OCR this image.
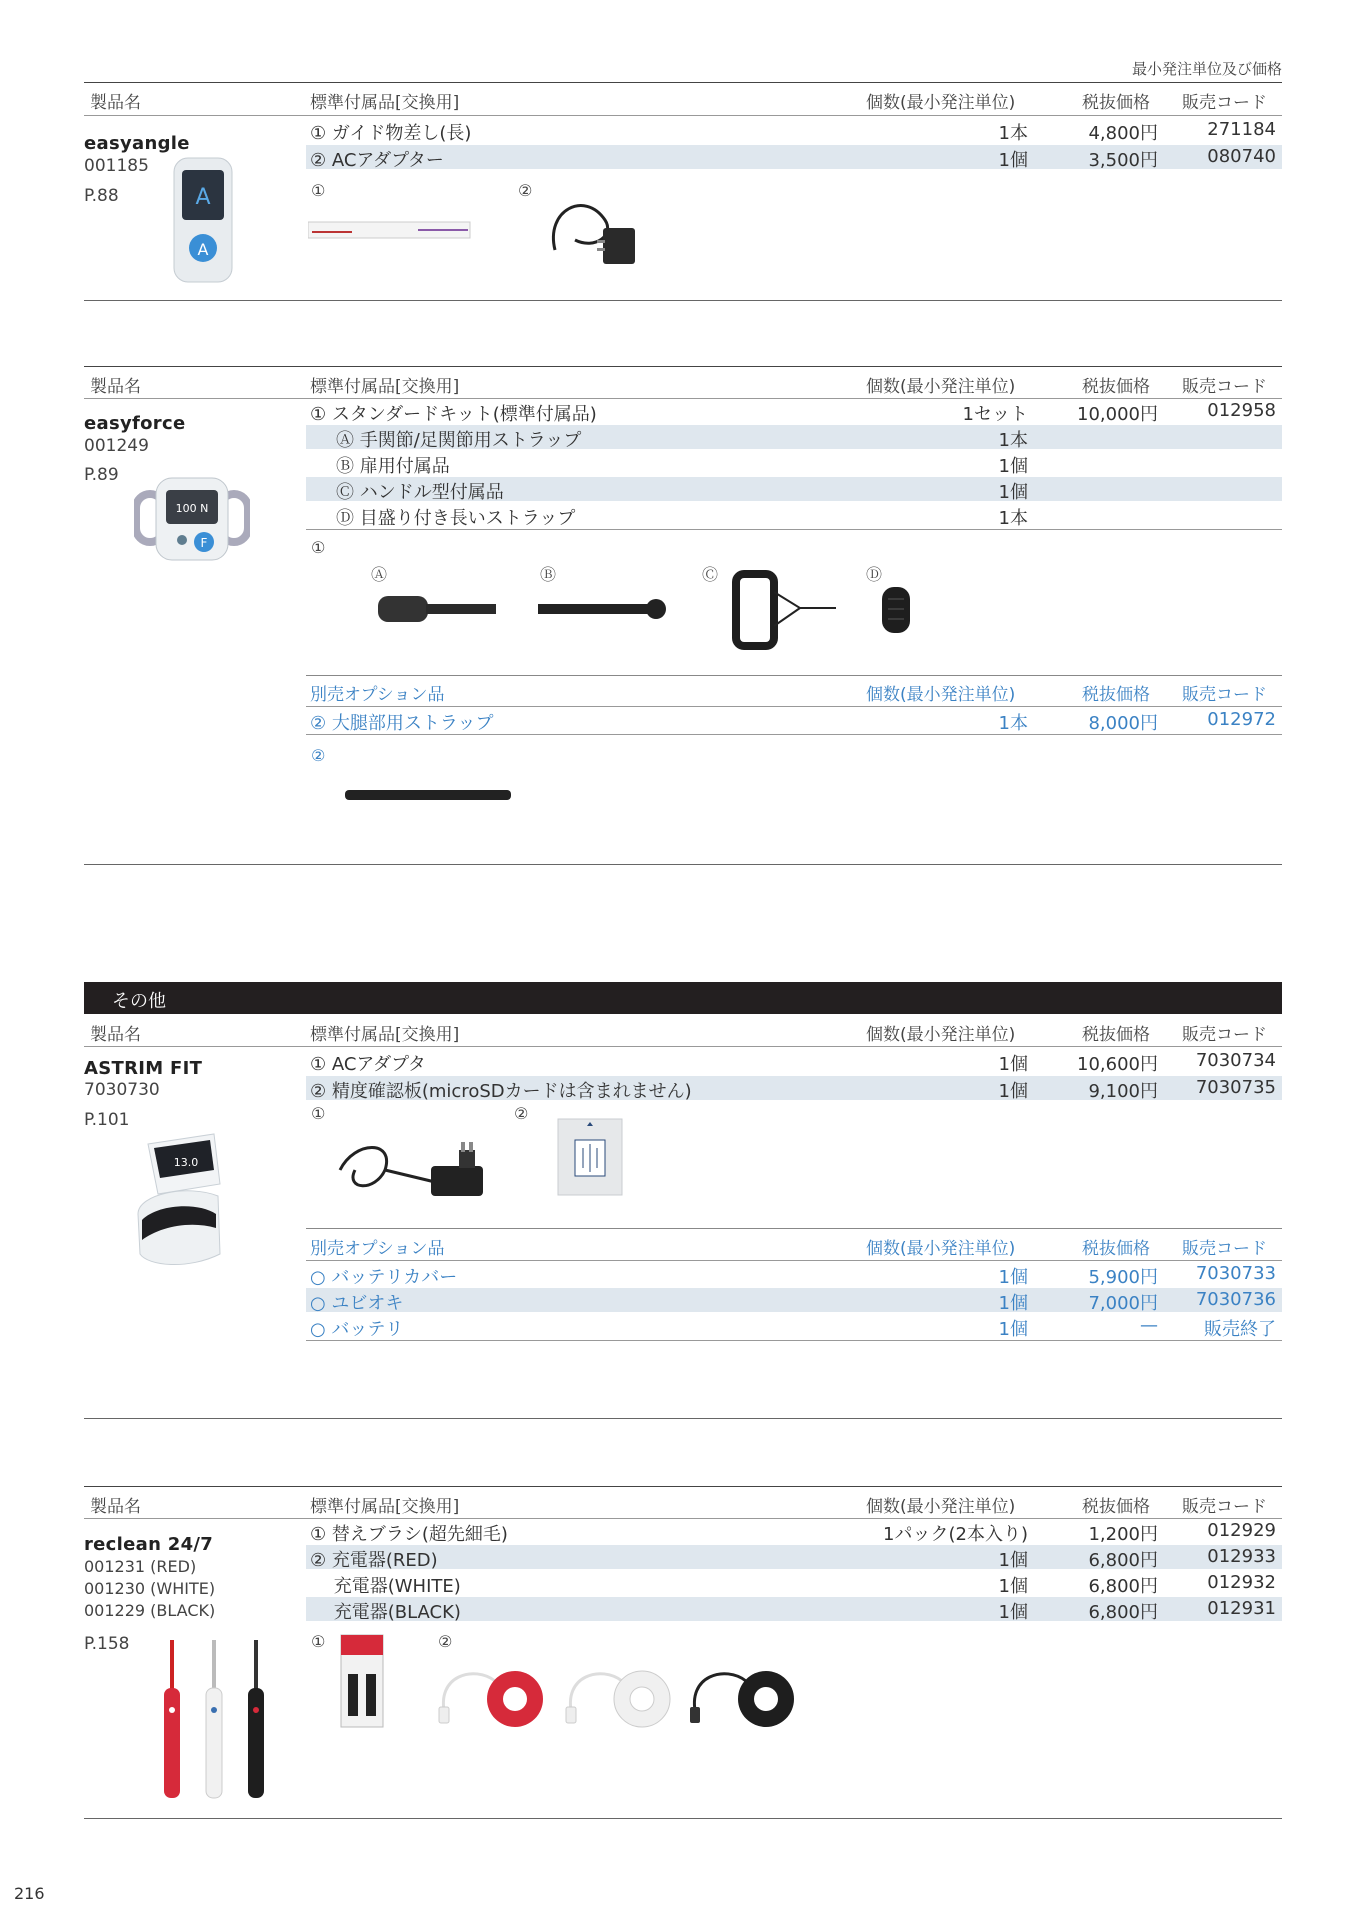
最小発注単位及び価格
製品名	標準付属品[交換用]	個数(最小発注単位)	税抜価格 販売コード
easyangle
001185
P.88
① ガイド物差し(長)	1本	4,800円	271184
② ACアダプター	1個	3,500円	080740
A
A
①	②
製品名	標準付属品[交換用]	個数(最小発注単位)	税抜価格 販売コード
easyforce
001249
P.89
① スタンダードキット(標準付属品)	1セット	10,000円	012958
Ⓐ 手関節/足関節用ストラップ	1本
Ⓑ 扉用付属品	1個
Ⓒ ハンドル型付属品	1個
Ⓓ 目盛り付き長いストラップ	1本
100 N
F	①
Ⓐ	Ⓑ	Ⓒ	Ⓓ
別売オプション品	個数(最小発注単位)	税抜価格 販売コード
② 大腿部用ストラップ	1本	8,000円	012972
②
その他
製品名	標準付属品[交換用]	個数(最小発注単位)	税抜価格 販売コード
ASTRIM FIT
7030730
P.101
① ACアダプタ	1個	10,600円 7030734
② 精度確認板(microSDカードは含まれません)	1個	9,100円 7030735
13.0
①	②
別売オプション品	個数(最小発注単位)	税抜価格 販売コード
○ バッテリカバー	1個	5,900円 7030733
○ ユビオキ	1個	7,000円 7030736
○ バッテリ	1個	—	販売終了
製品名	標準付属品[交換用]	個数(最小発注単位)	税抜価格 販売コード
reclean 24/7
001231 (RED)
001230 (WHITE)
001229 (BLACK)
P.158
① 替えブラシ(超先細毛)	1パック(2本入り)	1,200円	012929
② 充電器(RED)	1個	6,800円	012933
　 充電器(WHITE)	1個	6,800円	012932
　 充電器(BLACK)	1個	6,800円	012931
①	②
216
